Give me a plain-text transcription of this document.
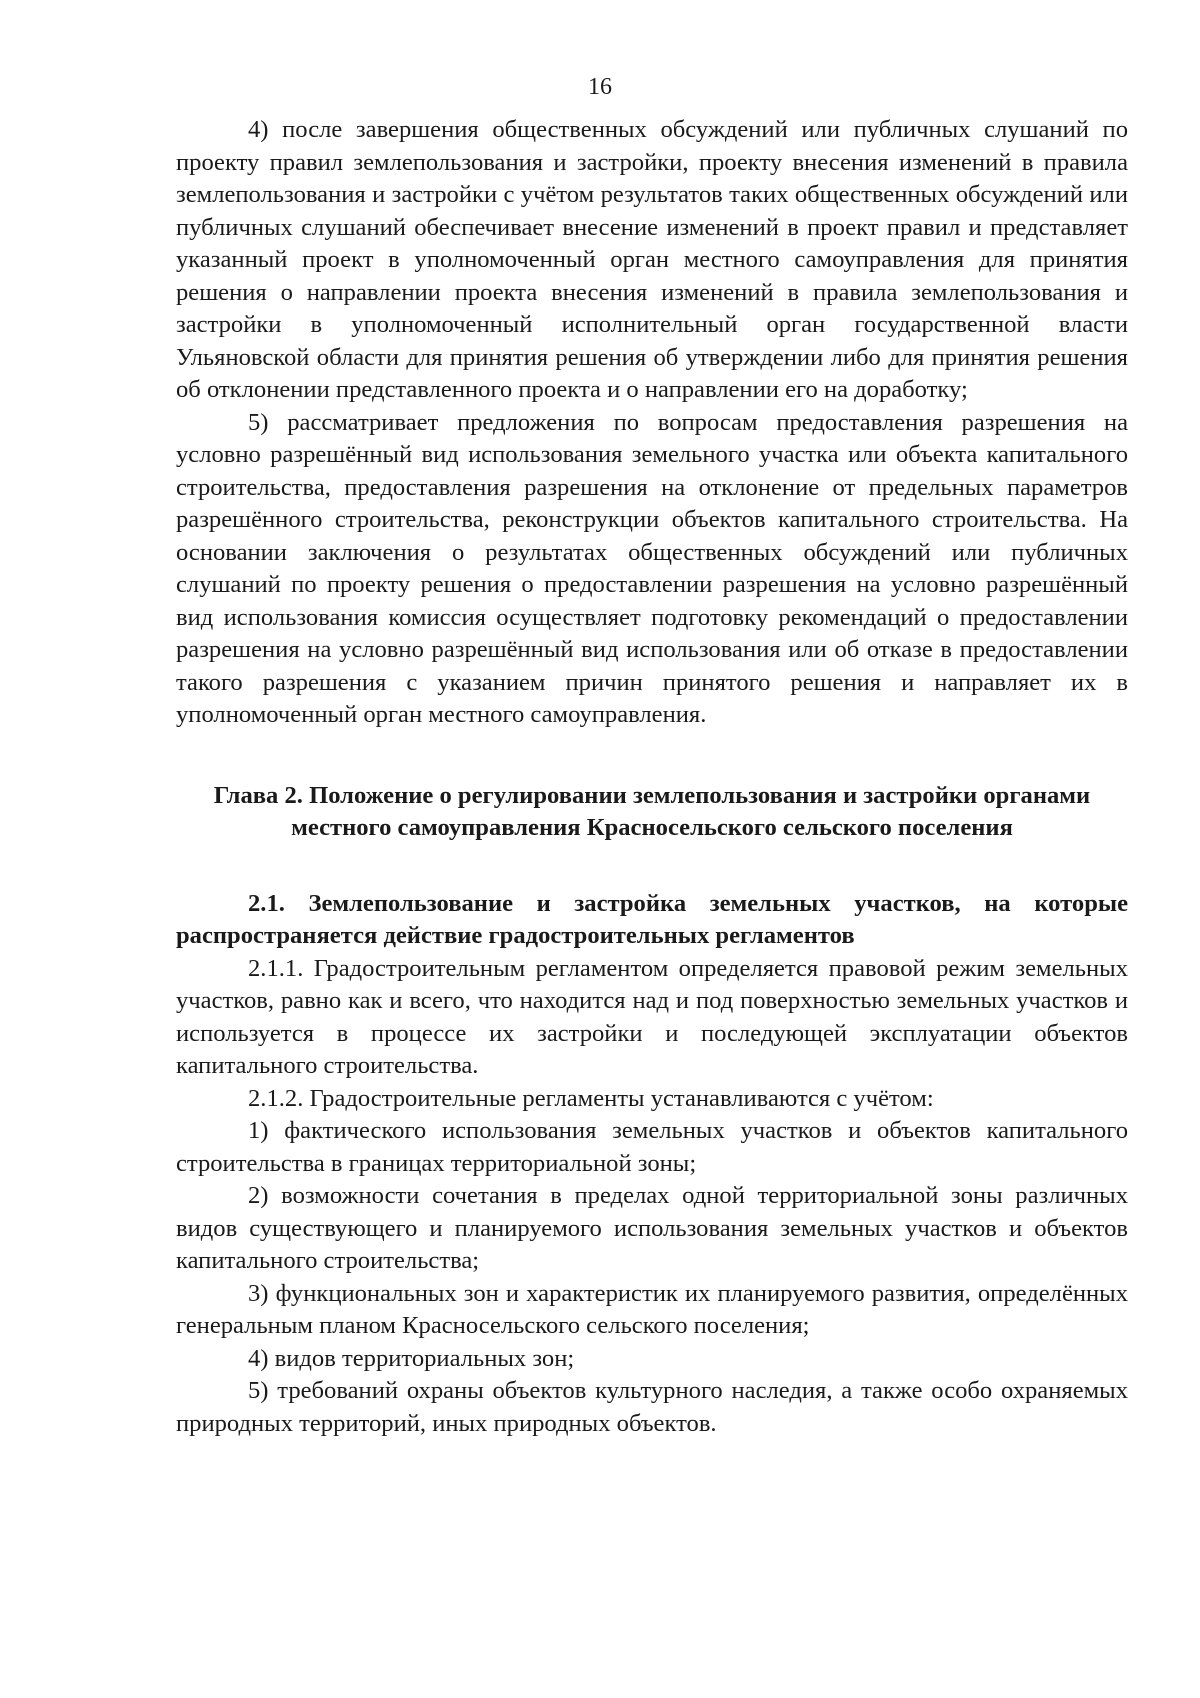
16

4) после завершения общественных обсуждений или публичных слушаний по проекту правил землепользования и застройки, проекту внесения изменений в правила землепользования и застройки с учётом результатов таких общественных обсуждений или публичных слушаний обеспечивает внесение изменений в проект правил и представляет указанный проект в уполномоченный орган местного самоуправления для принятия решения о направлении проекта внесения изменений в правила землепользования и застройки в уполномоченный исполнительный орган государственной власти Ульяновской области для принятия решения об утверждении либо для принятия решения об отклонении представленного проекта и о направлении его на доработку;

5) рассматривает предложения по вопросам предоставления разрешения на условно разрешённый вид использования земельного участка или объекта капитального строительства, предоставления разрешения на отклонение от предельных параметров разрешённого строительства, реконструкции объектов капитального строительства. На основании заключения о результатах общественных обсуждений или публичных слушаний по проекту решения о предоставлении разрешения на условно разрешённый вид использования комиссия осуществляет подготовку рекомендаций о предоставлении разрешения на условно разрешённый вид использования или об отказе в предоставлении такого разрешения с указанием причин принятого решения и направляет их в уполномоченный орган местного самоуправления.

Глава 2. Положение о регулировании землепользования и застройки органами местного самоуправления Красносельского сельского поселения

2.1. Землепользование и застройка земельных участков, на которые распространяется действие градостроительных регламентов

2.1.1. Градостроительным регламентом определяется правовой режим земельных участков, равно как и всего, что находится над и под поверхностью земельных участков и используется в процессе их застройки и последующей эксплуатации объектов капитального строительства.

2.1.2. Градостроительные регламенты устанавливаются с учётом:

1) фактического использования земельных участков и объектов капитального строительства в границах территориальной зоны;

2) возможности сочетания в пределах одной территориальной зоны различных видов существующего и планируемого использования земельных участков и объектов капитального строительства;

3) функциональных зон и характеристик их планируемого развития, определённых генеральным планом Красносельского сельского поселения;

4) видов территориальных зон;

5) требований охраны объектов культурного наследия, а также особо охраняемых природных территорий, иных природных объектов.
